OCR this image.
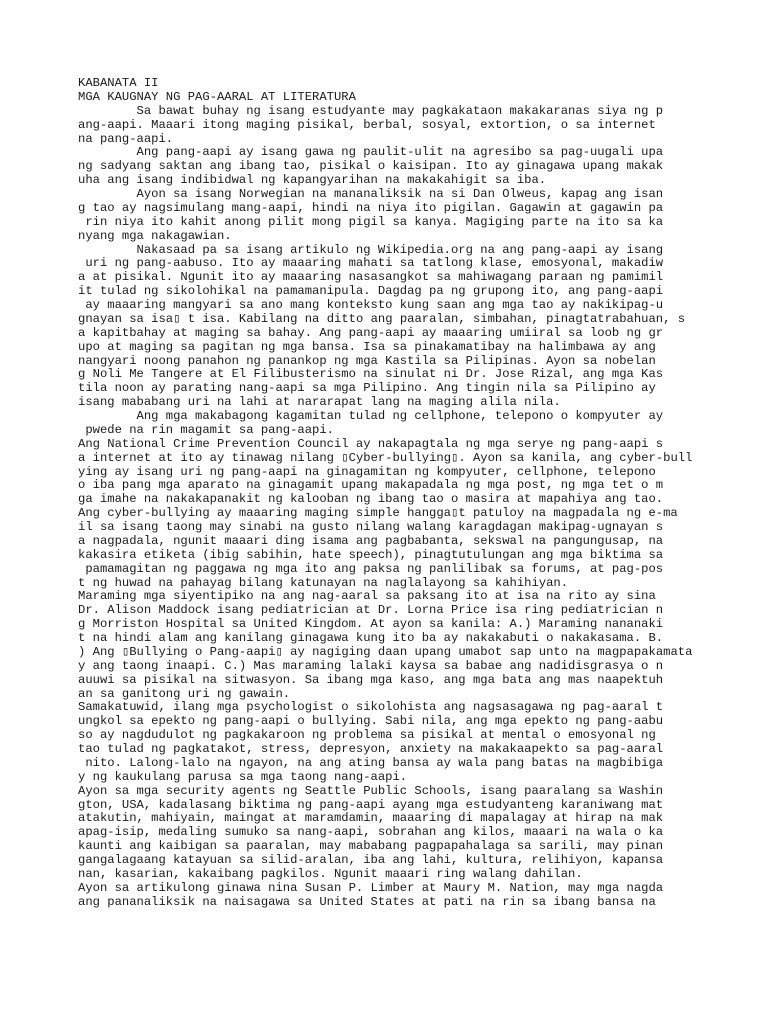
KABANATA II
MGA KAUGNAY NG PAG-AARAL AT LITERATURA
Sa bawat buhay ng isang estudyante may pagkakataon makakaranas siya ng p
ang-aapi. Maaari itong maging pisikal, berbal, sosyal, extortion, o sa internet
na pang-aapi.
Ang pang-aapi ay isang gawa ng paulit-ulit na agresibo sa pag-uugali upa
ng sadyang saktan ang ibang tao, pisikal o kaisipan. Ito ay ginagawa upang makak
uha ang isang indibidwal ng kapangyarihan na makakahigit sa iba.
Ayon sa isang Norwegian na mananaliksik na si Dan Olweus, kapag ang isan
g tao ay nagsimulang mang-aapi, hindi na niya ito pigilan. Gagawin at gagawin pa
rin niya ito kahit anong pilit mong pigil sa kanya. Magiging parte na ito sa ka
nyang mga nakagawian.
Nakasaad pa sa isang artikulo ng Wikipedia.org na ang pang-aapi ay isang
uri ng pang-aabuso. Ito ay maaaring mahati sa tatlong klase, emosyonal, makadiw
a at pisikal. Ngunit ito ay maaaring nasasangkot sa mahiwagang paraan ng pamimil
it tulad ng sikolohikal na pamamanipula. Dagdag pa ng grupong ito, ang pang-aapi
ay maaaring mangyari sa ano mang konteksto kung saan ang mga tao ay nakikipag-u
gnayan sa isa▯ t isa. Kabilang na ditto ang paaralan, simbahan, pinagtatrabahuan, s
a kapitbahay at maging sa bahay. Ang pang-aapi ay maaaring umiiral sa loob ng gr
upo at maging sa pagitan ng mga bansa. Isa sa pinakamatibay na halimbawa ay ang
nangyari noong panahon ng panankop ng mga Kastila sa Pilipinas. Ayon sa nobelan
g Noli Me Tangere at El Filibusterismo na sinulat ni Dr. Jose Rizal, ang mga Kas
tila noon ay parating nang-aapi sa mga Pilipino. Ang tingin nila sa Pilipino ay
isang mababang uri na lahi at nararapat lang na maging alila nila.
Ang mga makabagong kagamitan tulad ng cellphone, telepono o kompyuter ay
pwede na rin magamit sa pang-aapi.
Ang National Crime Prevention Council ay nakapagtala ng mga serye ng pang-aapi s
a internet at ito ay tinawag nilang ▯Cyber-bullying▯. Ayon sa kanila, ang cyber-bull
ying ay isang uri ng pang-aapi na ginagamitan ng kompyuter, cellphone, telepono
o iba pang mga aparato na ginagamit upang makapadala ng mga post, ng mga tet o m
ga imahe na nakakapanakit ng kalooban ng ibang tao o masira at mapahiya ang tao.
Ang cyber-bullying ay maaaring maging simple hangga▯t patuloy na magpadala ng e-ma
il sa isang taong may sinabi na gusto nilang walang karagdagan makipag-ugnayan s
a nagpadala, ngunit maaari ding isama ang pagbabanta, sekswal na pangungusap, na
kakasira etiketa (ibig sabihin, hate speech), pinagtutulungan ang mga biktima sa
pamamagitan ng paggawa ng mga ito ang paksa ng panlilibak sa forums, at pag-pos
t ng huwad na pahayag bilang katunayan na naglalayong sa kahihiyan.
Maraming mga siyentipiko na ang nag-aaral sa paksang ito at isa na rito ay sina
Dr. Alison Maddock isang pediatrician at Dr. Lorna Price isa ring pediatrician n
g Morriston Hospital sa United Kingdom. At ayon sa kanila: A.) Maraming nananaki
t na hindi alam ang kanilang ginagawa kung ito ba ay nakakabuti o nakakasama. B.
) Ang ▯Bullying o Pang-aapi▯ ay nagiging daan upang umabot sap unto na magpapakamata
y ang taong inaapi. C.) Mas maraming lalaki kaysa sa babae ang nadidisgrasya o n
auuwi sa pisikal na sitwasyon. Sa ibang mga kaso, ang mga bata ang mas naapektuh
an sa ganitong uri ng gawain.
Samakatuwid, ilang mga psychologist o sikolohista ang nagsasagawa ng pag-aaral t
ungkol sa epekto ng pang-aapi o bullying. Sabi nila, ang mga epekto ng pang-aabu
so ay nagdudulot ng pagkakaroon ng problema sa pisikal at mental o emosyonal ng
tao tulad ng pagkatakot, stress, depresyon, anxiety na makakaapekto sa pag-aaral
nito. Lalong-lalo na ngayon, na ang ating bansa ay wala pang batas na magbibiga
y ng kaukulang parusa sa mga taong nang-aapi.
Ayon sa mga security agents ng Seattle Public Schools, isang paaralang sa Washin
gton, USA, kadalasang biktima ng pang-aapi ayang mga estudyanteng karaniwang mat
atakutin, mahiyain, maingat at maramdamin, maaaring di mapalagay at hirap na mak
apag-isip, medaling sumuko sa nang-aapi, sobrahan ang kilos, maaari na wala o ka
kaunti ang kaibigan sa paaralan, may mababang pagpapahalaga sa sarili, may pinan
gangalagaang katayuan sa silid-aralan, iba ang lahi, kultura, relihiyon, kapansa
nan, kasarian, kakaibang pagkilos. Ngunit maaari ring walang dahilan.
Ayon sa artikulong ginawa nina Susan P. Limber at Maury M. Nation, may mga nagda
ang pananaliksik na naisagawa sa United States at pati na rin sa ibang bansa na
